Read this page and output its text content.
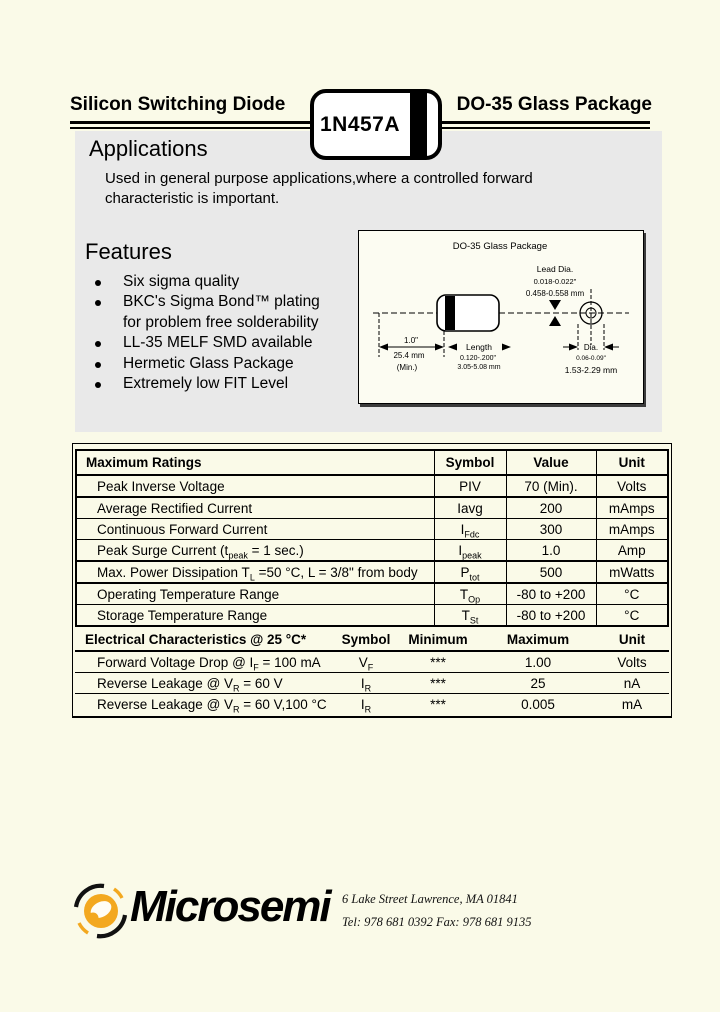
Silicon Switching Diode	DO-35 Glass Package
1N457A
Applications
Used in general purpose applications,where a controlled forward characteristic is important.
Features
Six sigma quality
BKC's Sigma Bond™ plating
for problem free solderability
LL-35 MELF SMD available
Hermetic Glass Package
Extremely low FIT Level
DO-35 Glass Package
1.0"
25.4 mm
(Min.)
Length
0.120-.200"
3.05-5.08 mm
Lead Dia.
0.018-0.022"
0.458-0.558 mm
Dia.
0.06-0.09"
1.53-2.29 mm
Maximum Ratings	Symbol	Value	Unit
Peak Inverse Voltage	PIV	70 (Min).	Volts
Average Rectified Current	Iavg	200	mAmps
Continuous Forward Current	$I_{Fdc}$	300	mAmps
Peak Surge Current ($t_{peak} = 1$ sec.)	$I_{peak}$	1.0	Amp
Max. Power Dissipation $T_L =50$ °C, L = 3/8" from body	$P_{tot}$	500	mWatts
Operating Temperature Range	$T_{Op}$	-80 to +200	°C
Storage Temperature Range	$T_{St}$	-80 to +200	°C
Electrical Characteristics @ 25 °C*	Symbol	Minimum	Maximum	Unit
Forward Voltage Drop @ $I_F = 100$ mA	$V_F$	***	1.00	Volts
Reverse Leakage @ $V_R = 60$ V	$I_R$	***	25	nA
Reverse Leakage @ $V_R = 60$ V,100 °C	$I_R$	***	0.005	mA
Microsemi 6 Lake Street Lawrence, MA 01841
Tel: 978 681 0392 Fax: 978 681 9135
